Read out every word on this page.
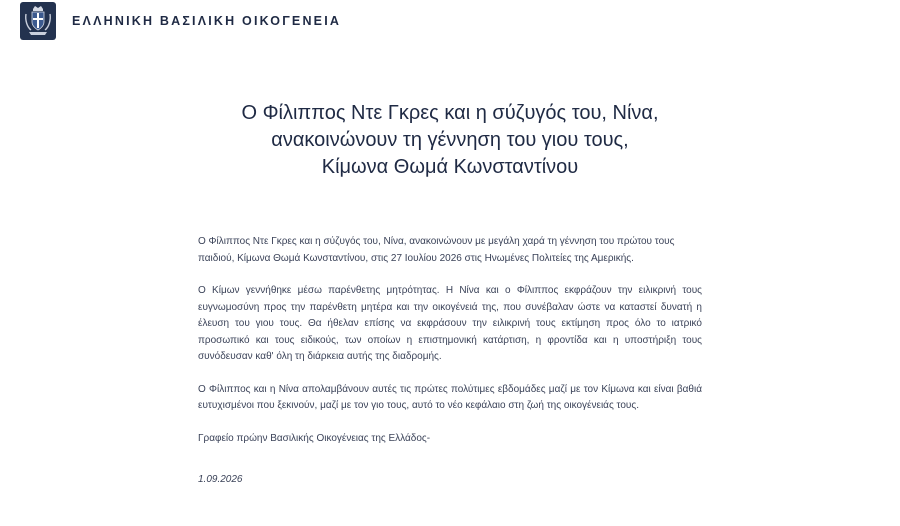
ΕΛΛΗΝΙΚΗ ΒΑΣΙΛΙΚΗ ΟΙΚΟΓΕΝΕΙΑ
Ο Φίλιππος Ντε Γκρες και η σύζυγός του, Νίνα,
ανακοινώνουν τη γέννηση του γιου τους,
Κίμωνα Θωμά Κωνσταντίνου

Ο Φίλιππος Ντε Γκρες και η σύζυγός του, Νίνα, ανακοινώνουν με μεγάλη χαρά τη γέννηση του πρώτου τους παιδιού, Κίμωνα Θωμά Κωνσταντίνου, στις 27 Ιουλίου 2026 στις Ηνωμένες Πολιτείες της Αμερικής.

Ο Κίμων γεννήθηκε μέσω παρένθετης μητρότητας. Η Νίνα και ο Φίλιππος εκφράζουν την ειλικρινή τους ευγνωμοσύνη προς την παρένθετη μητέρα και την οικογένειά της, που συνέβαλαν ώστε να καταστεί δυνατή η έλευση του γιου τους. Θα ήθελαν επίσης να εκφράσουν την ειλικρινή τους εκτίμηση προς όλο το ιατρικό προσωπικό και τους ειδικούς, των οποίων η επιστημονική κατάρτιση, η φροντίδα και η υποστήριξη τους συνόδευσαν καθ' όλη τη διάρκεια αυτής της διαδρομής.

Ο Φίλιππος και η Νίνα απολαμβάνουν αυτές τις πρώτες πολύτιμες εβδομάδες μαζί με τον Κίμωνα και είναι βαθιά ευτυχισμένοι που ξεκινούν, μαζί με τον γιο τους, αυτό το νέο κεφάλαιο στη ζωή της οικογένειάς τους.

Γραφείο πρώην Βασιλικής Οικογένειας της Ελλάδος-

1.09.2026
